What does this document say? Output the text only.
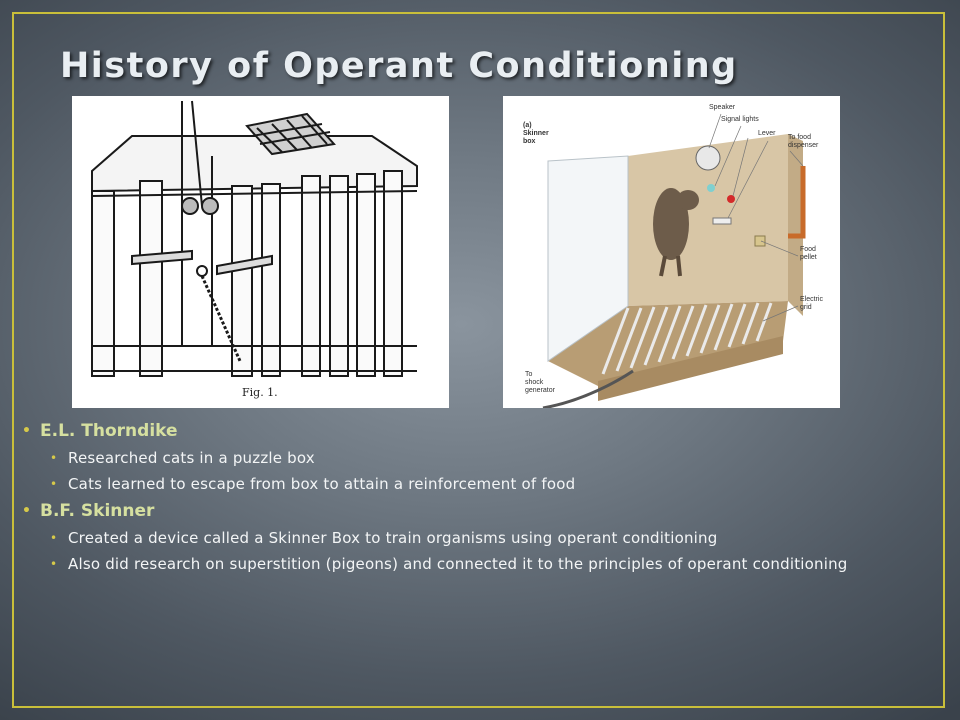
History of Operant Conditioning
Fig. 1.
(a)
Skinner
box
Speaker
Signal lights
Lever
To food
dispenser
Food
pellet
Electric
grid
To
shock
generator
• E.L. Thorndike
• Researched cats in a puzzle box
• Cats learned to escape from box to attain a reinforcement of food
• B.F. Skinner
• Created a device called a Skinner Box to train organisms using operant conditioning
• Also did research on superstition (pigeons) and connected it to the principles of operant conditioning
